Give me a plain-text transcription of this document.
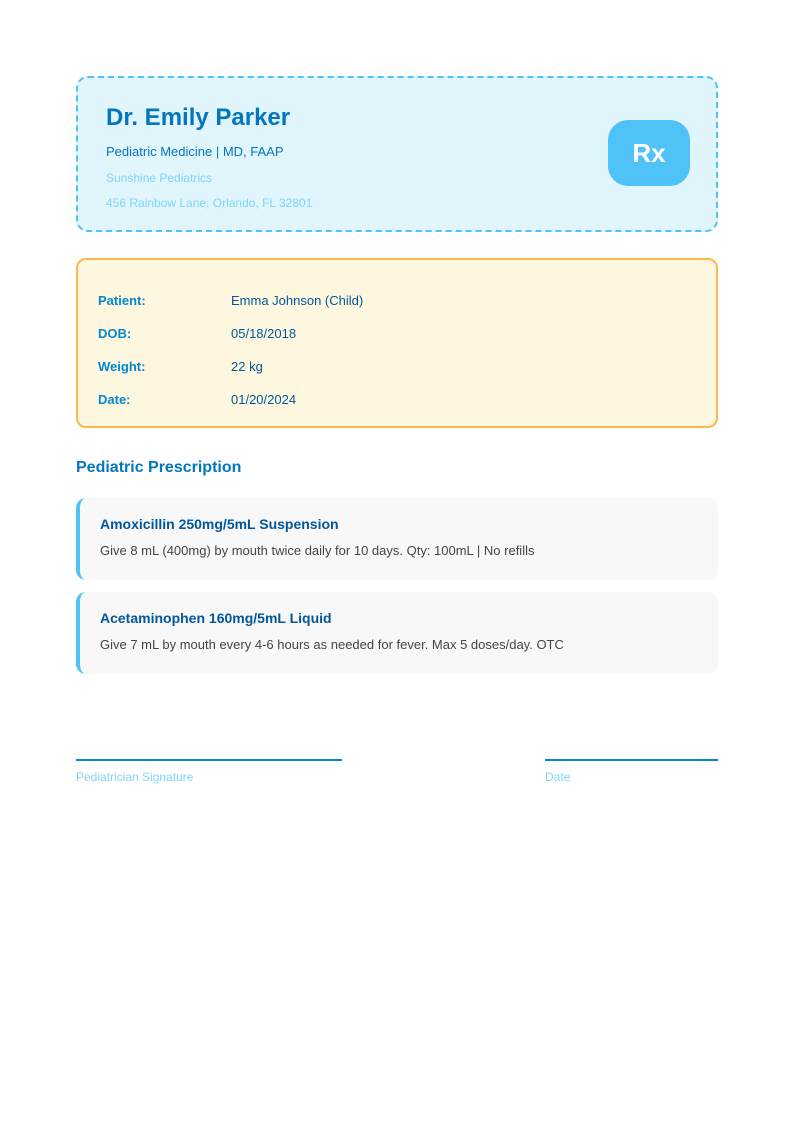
Dr. Emily Parker
Pediatric Medicine | MD, FAAP
Sunshine Pediatrics
456 Rainbow Lane, Orlando, FL 32801
Rx
Patient:	Emma Johnson (Child)
DOB:	05/18/2018
Weight:	22 kg
Date:	01/20/2024
Pediatric Prescription
Amoxicillin 250mg/5mL Suspension
Give 8 mL (400mg) by mouth twice daily for 10 days. Qty: 100mL | No refills
Acetaminophen 160mg/5mL Liquid
Give 7 mL by mouth every 4-6 hours as needed for fever. Max 5 doses/day. OTC
Pediatrician Signature	Date
